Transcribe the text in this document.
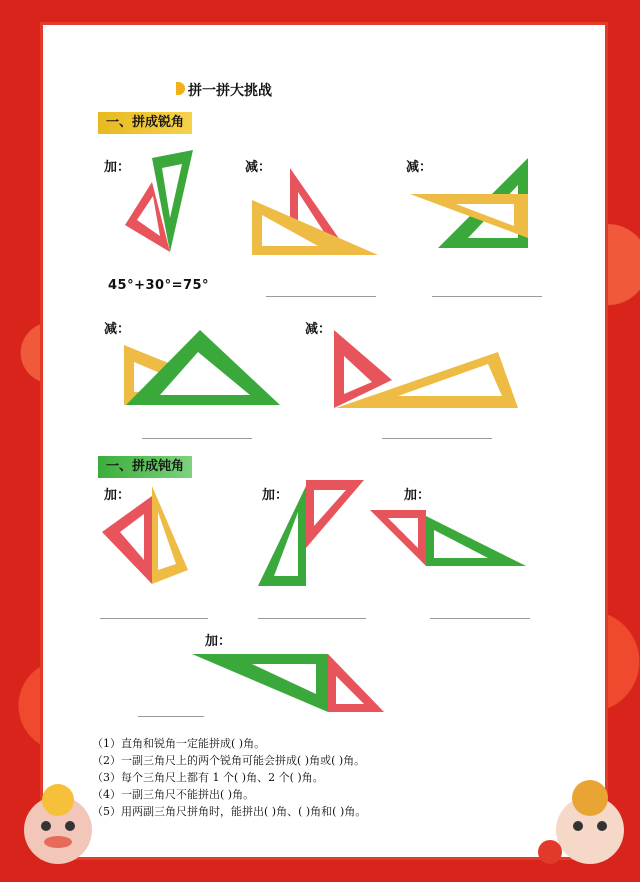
拼一拼大挑战
一、拼成锐角
加：	减：	减：
45°+30°=75°
减：	减：
一、拼成钝角
加：	加：	加：
加：
（1）直角和锐角一定能拼成( )角。
（2）一副三角尺上的两个锐角可能会拼成( )角或( )角。
（3）每个三角尺上都有 1 个( )角、2 个( )角。
（4）一副三角尺不能拼出( )角。
（5）用两副三角尺拼角时，能拼出( )角、( )角和( )角。
